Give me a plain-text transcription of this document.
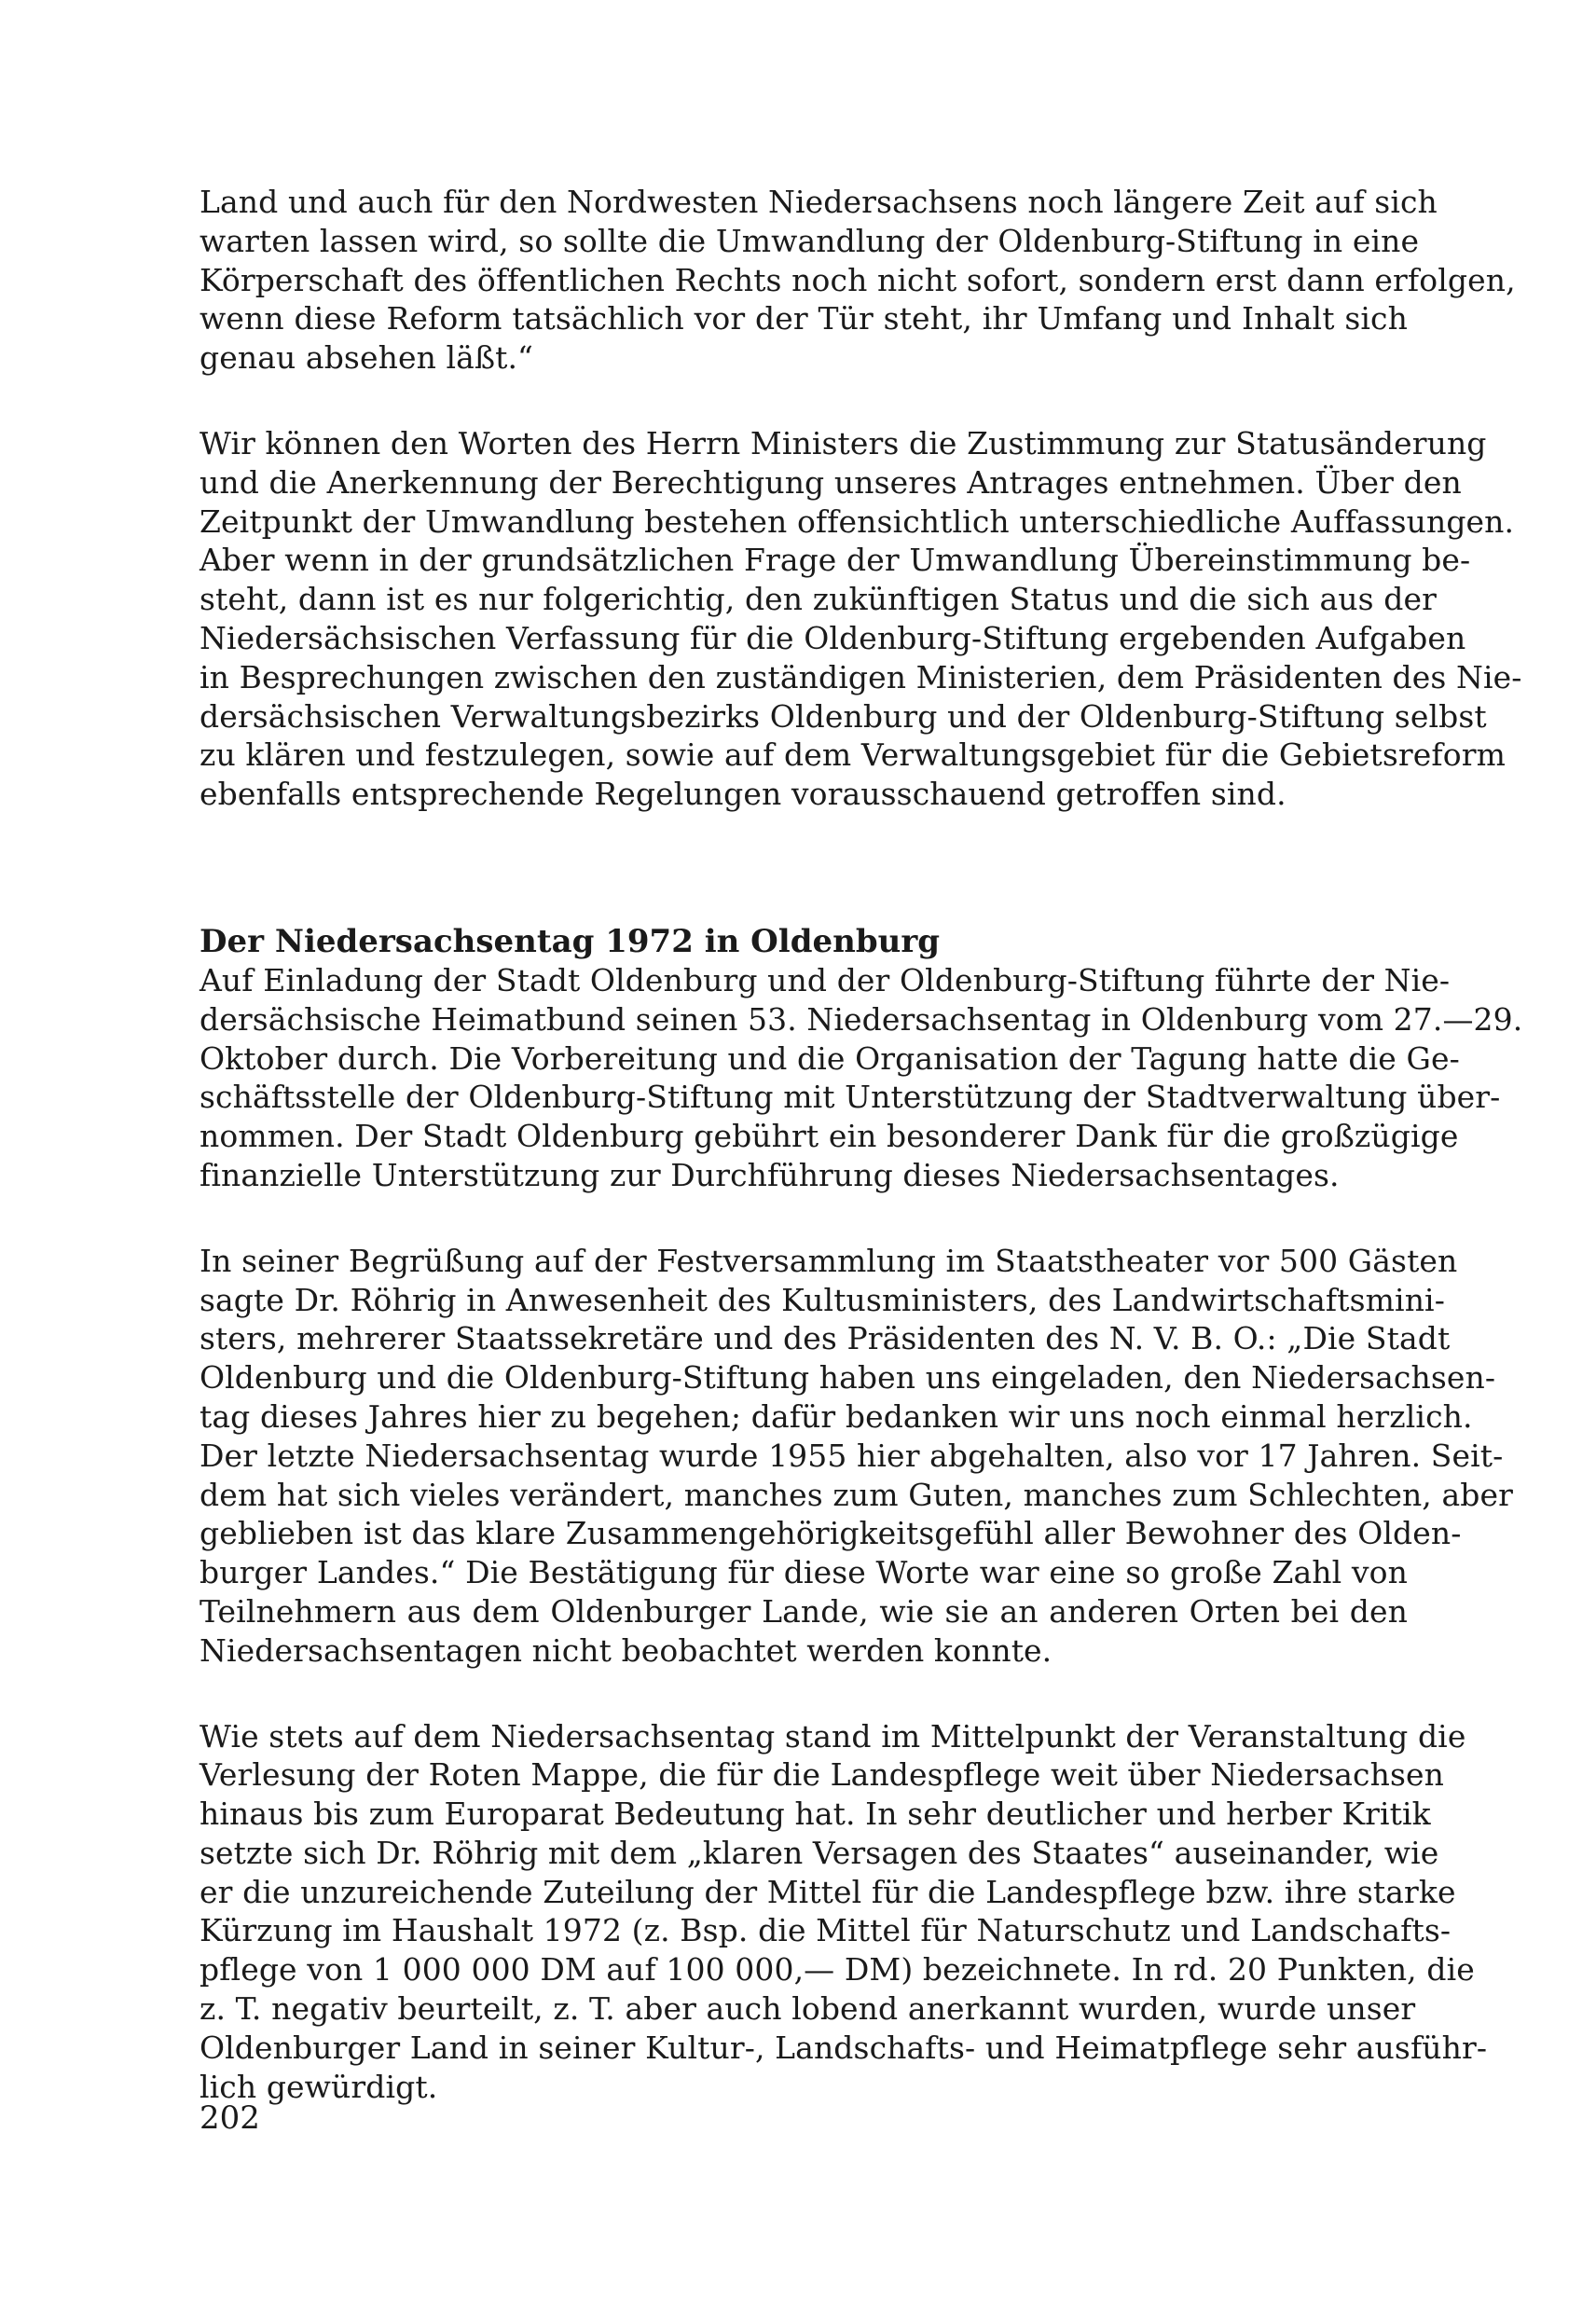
Land und auch für den Nordwesten Niedersachsens noch längere Zeit auf sich
warten lassen wird, so sollte die Umwandlung der Oldenburg-Stiftung in eine
Körperschaft des öffentlichen Rechts noch nicht sofort, sondern erst dann erfolgen,
wenn diese Reform tatsächlich vor der Tür steht, ihr Umfang und Inhalt sich
genau absehen läßt.“

Wir können den Worten des Herrn Ministers die Zustimmung zur Statusänderung
und die Anerkennung der Berechtigung unseres Antrages entnehmen. Über den
Zeitpunkt der Umwandlung bestehen offensichtlich unterschiedliche Auffassungen.
Aber wenn in der grundsätzlichen Frage der Umwandlung Übereinstimmung be-
steht, dann ist es nur folgerichtig, den zukünftigen Status und die sich aus der
Niedersächsischen Verfassung für die Oldenburg-Stiftung ergebenden Aufgaben
in Besprechungen zwischen den zuständigen Ministerien, dem Präsidenten des Nie-
dersächsischen Verwaltungsbezirks Oldenburg und der Oldenburg-Stiftung selbst
zu klären und festzulegen, sowie auf dem Verwaltungsgebiet für die Gebietsreform
ebenfalls entsprechende Regelungen vorausschauend getroffen sind.

Der Niedersachsentag 1972 in Oldenburg

Auf Einladung der Stadt Oldenburg und der Oldenburg-Stiftung führte der Nie-
dersächsische Heimatbund seinen 53. Niedersachsentag in Oldenburg vom 27.—29.
Oktober durch. Die Vorbereitung und die Organisation der Tagung hatte die Ge-
schäftsstelle der Oldenburg-Stiftung mit Unterstützung der Stadtverwaltung über-
nommen. Der Stadt Oldenburg gebührt ein besonderer Dank für die großzügige
finanzielle Unterstützung zur Durchführung dieses Niedersachsentages.

In seiner Begrüßung auf der Festversammlung im Staatstheater vor 500 Gästen
sagte Dr. Röhrig in Anwesenheit des Kultusministers, des Landwirtschaftsmini-
sters, mehrerer Staatssekretäre und des Präsidenten des N. V. B. O.: „Die Stadt
Oldenburg und die Oldenburg-Stiftung haben uns eingeladen, den Niedersachsen-
tag dieses Jahres hier zu begehen; dafür bedanken wir uns noch einmal herzlich.
Der letzte Niedersachsentag wurde 1955 hier abgehalten, also vor 17 Jahren. Seit-
dem hat sich vieles verändert, manches zum Guten, manches zum Schlechten, aber
geblieben ist das klare Zusammengehörigkeitsgefühl aller Bewohner des Olden-
burger Landes.“ Die Bestätigung für diese Worte war eine so große Zahl von
Teilnehmern aus dem Oldenburger Lande, wie sie an anderen Orten bei den
Niedersachsentagen nicht beobachtet werden konnte.

Wie stets auf dem Niedersachsentag stand im Mittelpunkt der Veranstaltung die
Verlesung der Roten Mappe, die für die Landespflege weit über Niedersachsen
hinaus bis zum Europarat Bedeutung hat. In sehr deutlicher und herber Kritik
setzte sich Dr. Röhrig mit dem „klaren Versagen des Staates“ auseinander, wie
er die unzureichende Zuteilung der Mittel für die Landespflege bzw. ihre starke
Kürzung im Haushalt 1972 (z. Bsp. die Mittel für Naturschutz und Landschafts-
pflege von 1 000 000 DM auf 100 000,— DM) bezeichnete. In rd. 20 Punkten, die
z. T. negativ beurteilt, z. T. aber auch lobend anerkannt wurden, wurde unser
Oldenburger Land in seiner Kultur-, Landschafts- und Heimatpflege sehr ausführ-
lich gewürdigt.

202
